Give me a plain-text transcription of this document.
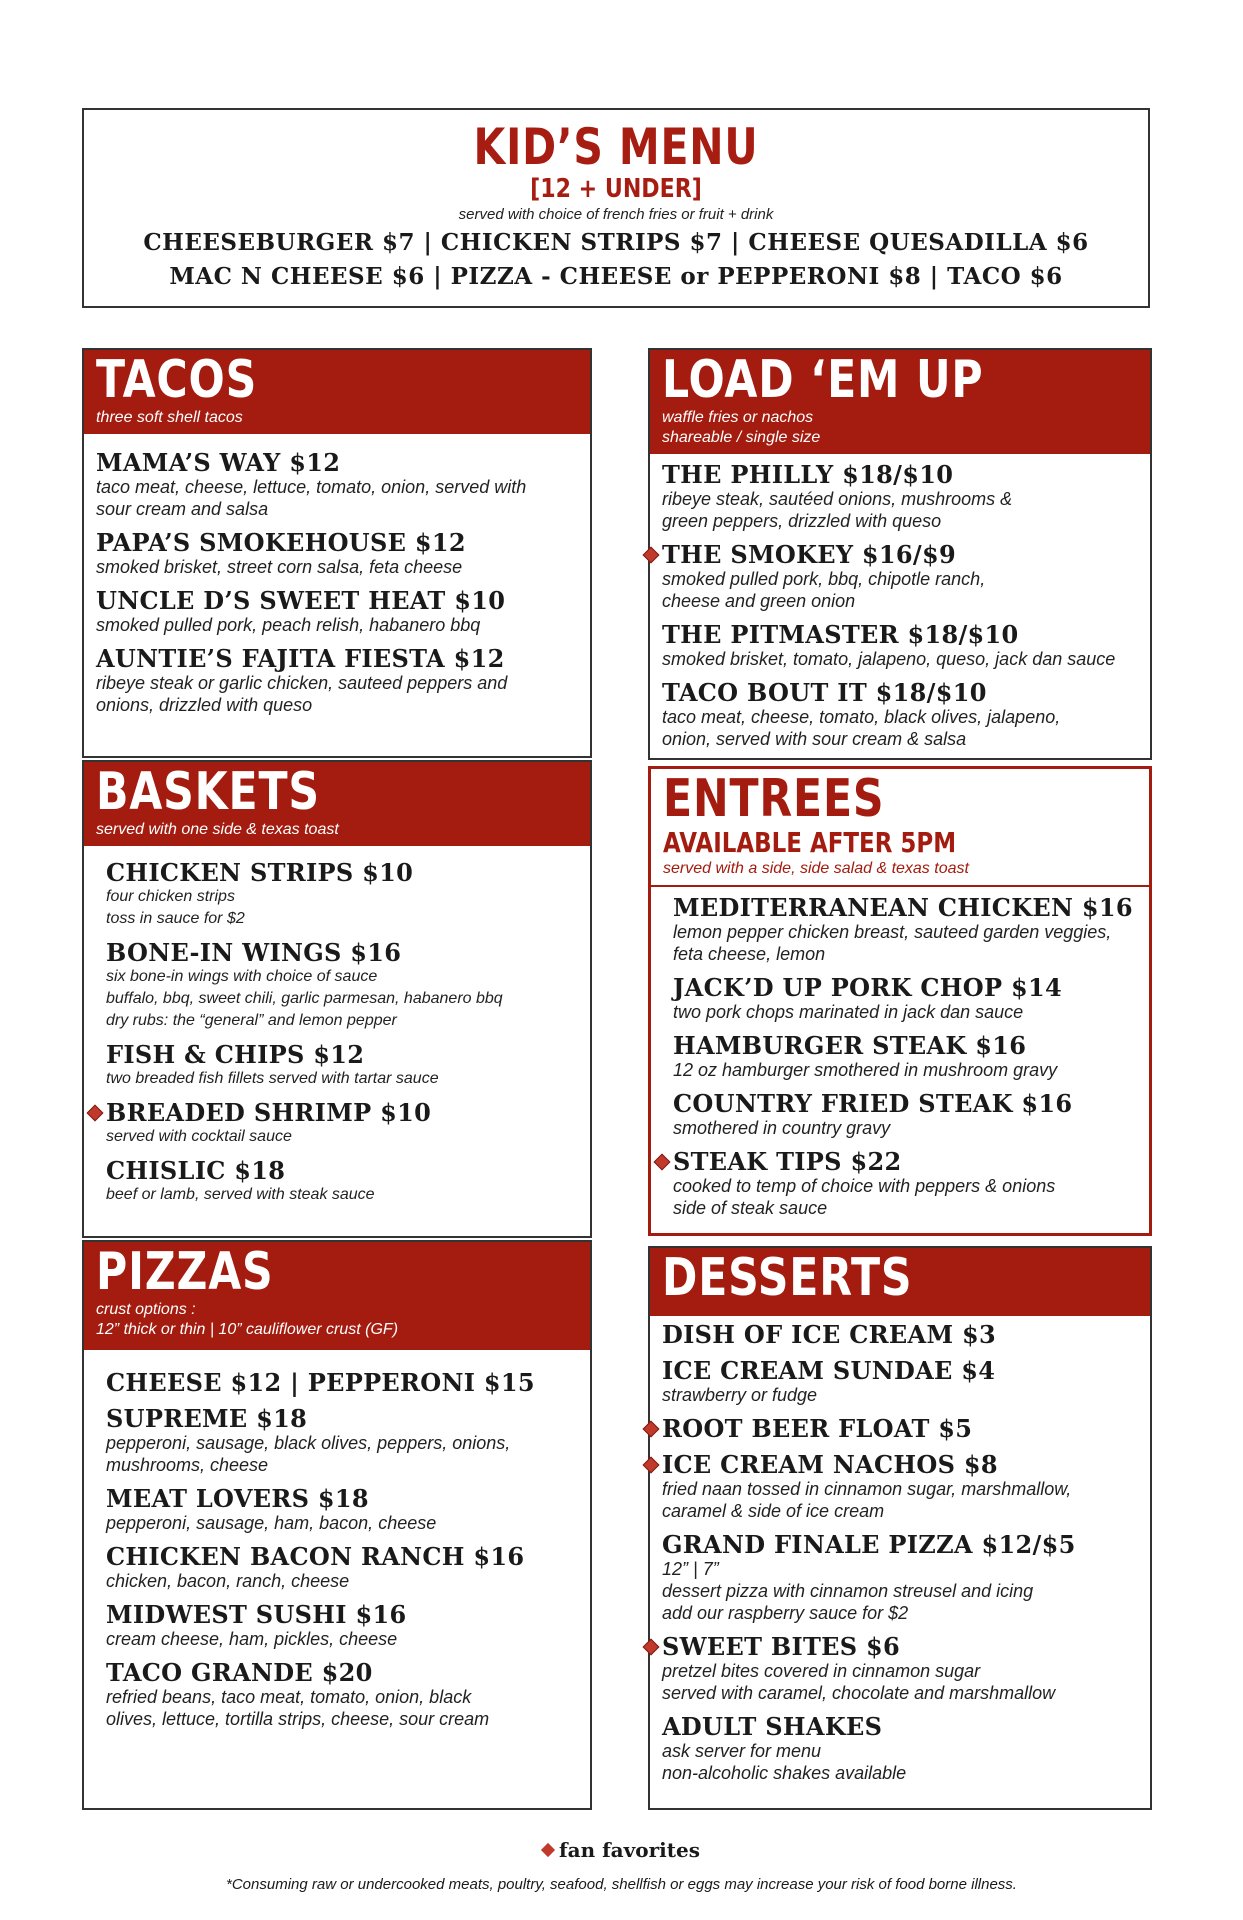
KID’S MENU
[12 + UNDER]
served with choice of french fries or fruit + drink
CHEESEBURGER $7 | CHICKEN STRIPS $7 | CHEESE QUESADILLA $6
MAC N CHEESE $6 | PIZZA - CHEESE or PEPPERONI $8 | TACO $6
TACOS
three soft shell tacos
MAMA’S WAY $12
taco meat, cheese, lettuce, tomato, onion, served with
sour cream and salsa
PAPA’S SMOKEHOUSE $12
smoked brisket, street corn salsa, feta cheese
UNCLE D’S SWEET HEAT $10
smoked pulled pork, peach relish, habanero bbq
AUNTIE’S FAJITA FIESTA $12
ribeye steak or garlic chicken, sauteed peppers and
onions, drizzled with queso
LOAD ‘EM UP
waffle fries or nachos
shareable / single size
THE PHILLY $18/$10
ribeye steak, sautéed onions, mushrooms &
green peppers, drizzled with queso
THE SMOKEY $16/$9
smoked pulled pork, bbq, chipotle ranch,
cheese and green onion
THE PITMASTER $18/$10
smoked brisket, tomato, jalapeno, queso, jack dan sauce
TACO BOUT IT $18/$10
taco meat, cheese, tomato, black olives, jalapeno,
onion, served with sour cream & salsa
BASKETS
served with one side & texas toast
CHICKEN STRIPS $10
four chicken strips
toss in sauce for $2
BONE-IN WINGS $16
six bone-in wings with choice of sauce
buffalo, bbq, sweet chili, garlic parmesan, habanero bbq
dry rubs: the “general” and lemon pepper
FISH & CHIPS $12
two breaded fish fillets served with tartar sauce
BREADED SHRIMP $10
served with cocktail sauce
CHISLIC $18
beef or lamb, served with steak sauce
ENTREES
AVAILABLE AFTER 5PM
served with a side, side salad & texas toast
MEDITERRANEAN CHICKEN $16
lemon pepper chicken breast, sauteed garden veggies,
feta cheese, lemon
JACK’D UP PORK CHOP $14
two pork chops marinated in jack dan sauce
HAMBURGER STEAK $16
12 oz hamburger smothered in mushroom gravy
COUNTRY FRIED STEAK $16
smothered in country gravy
STEAK TIPS $22
cooked to temp of choice with peppers & onions
side of steak sauce
PIZZAS
crust options :
12” thick or thin | 10” cauliflower crust (GF)
CHEESE $12 | PEPPERONI $15
SUPREME $18
pepperoni, sausage, black olives, peppers, onions,
mushrooms, cheese
MEAT LOVERS $18
pepperoni, sausage, ham, bacon, cheese
CHICKEN BACON RANCH $16
chicken, bacon, ranch, cheese
MIDWEST SUSHI $16
cream cheese, ham, pickles, cheese
TACO GRANDE $20
refried beans, taco meat, tomato, onion, black
olives, lettuce, tortilla strips, cheese, sour cream
DESSERTS
DISH OF ICE CREAM $3
ICE CREAM SUNDAE $4
strawberry or fudge
ROOT BEER FLOAT $5
ICE CREAM NACHOS $8
fried naan tossed in cinnamon sugar, marshmallow,
caramel & side of ice cream
GRAND FINALE PIZZA $12/$5
12” | 7”
dessert pizza with cinnamon streusel and icing
add our raspberry sauce for $2
SWEET BITES $6
pretzel bites covered in cinnamon sugar
served with caramel, chocolate and marshmallow
ADULT SHAKES
ask server for menu
non-alcoholic shakes available
fan favorites
*Consuming raw or undercooked meats, poultry, seafood, shellfish or eggs may increase your risk of food borne illness.
